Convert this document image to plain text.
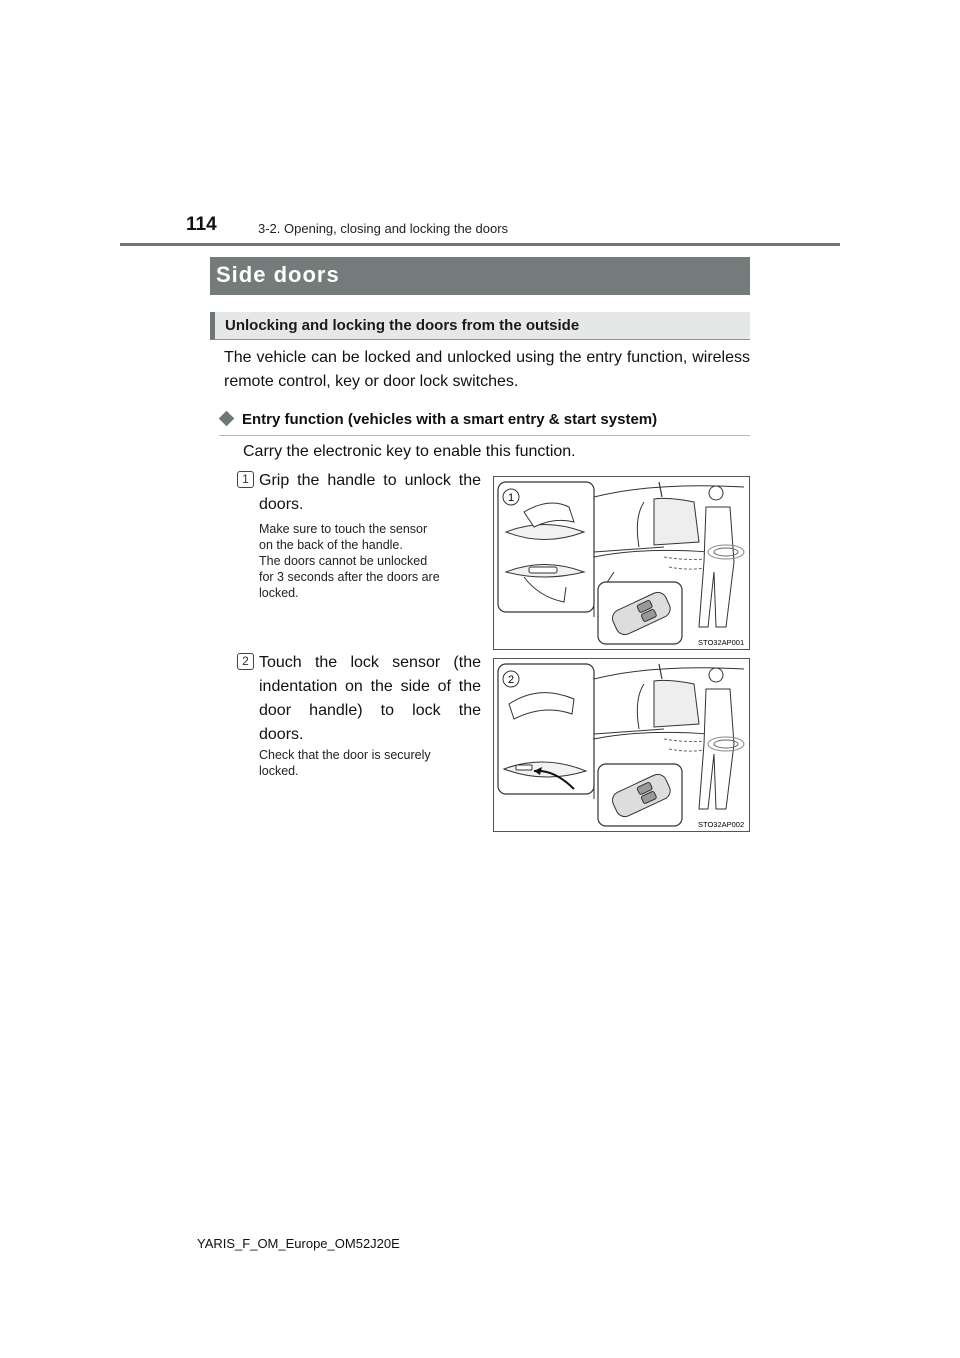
114	3-2. Opening, closing and locking the doors
Side doors
Unlocking and locking the doors from the outside
The vehicle can be locked and unlocked using the entry function, wireless remote control, key or door lock switches.
Entry function (vehicles with a smart entry & start system)
Carry the electronic key to enable this function.
1 Grip the handle to unlock the
doors.
Make sure to touch the sensor
on the back of the handle.
The doors cannot be unlocked
for 3 seconds after the doors are
locked.
1
STO32AP001
2 Touch the lock sensor (the
indentation on the side of the
door handle) to lock the
doors.
Check that the door is securely
locked.
2
STO32AP002
YARIS_F_OM_Europe_OM52J20E
